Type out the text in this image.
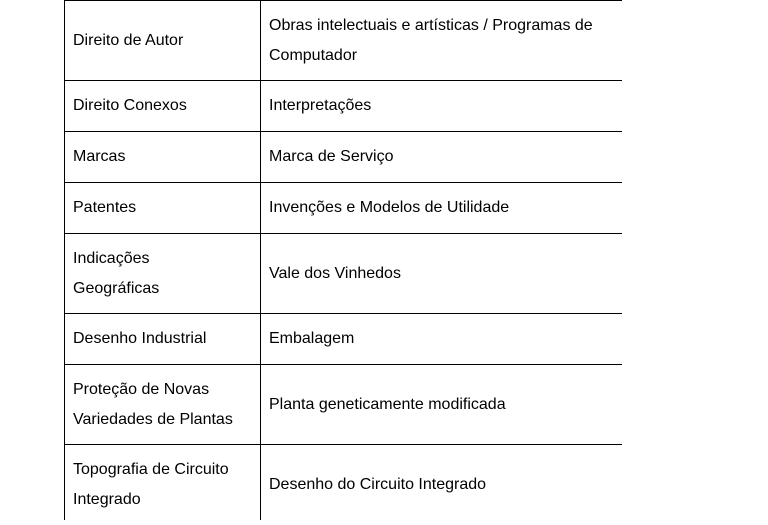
Direito de Autor	Obras intelectuais e artísticas / Programas de
Computador

Direito Conexos	Interpretações

Marcas	Marca de Serviço

Patentes	Invenções e Modelos de Utilidade

Indicações
Geográficas	Vale dos Vinhedos

Desenho Industrial	Embalagem

Proteção de Novas
Variedades de Plantas	Planta geneticamente modificada

Topografia de Circuito
Integrado	Desenho do Circuito Integrado
